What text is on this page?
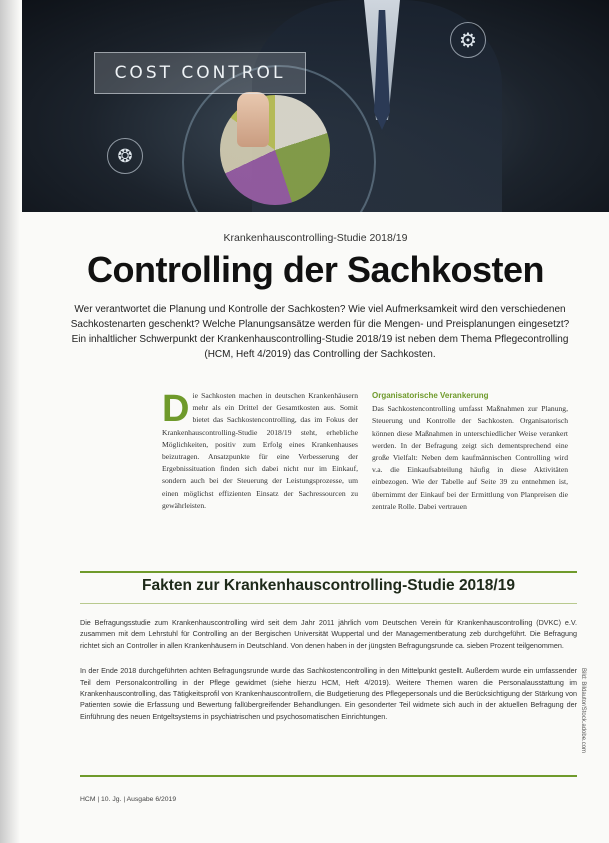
COST CONTROL
⚙
❂
Krankenhauscontrolling-Studie 2018/19
Controlling der Sachkosten
Wer verantwortet die Planung und Kontrolle der Sachkosten? Wie viel Aufmerksamkeit wird den verschiedenen Sachkostenarten geschenkt? Welche Planungsansätze werden für die Mengen- und Preisplanungen eingesetzt? Ein inhaltlicher Schwerpunkt der Krankenhauscontrolling-Studie 2018/19 ist neben dem Thema Pflegecontrolling (HCM, Heft 4/2019) das Controlling der Sachkosten.
D ie Sachkosten machen in deutschen Krankenhäusern mehr als ein Drittel der Gesamtkosten aus. Somit bietet das Sachkostencontrolling, das im Fokus der Krankenhauscontrolling-Studie 2018/19 steht, erhebliche Möglichkeiten, positiv zum Erfolg eines Krankenhauses beizutragen. Ansatzpunkte für eine Verbesserung der Ergebnissituation finden sich dabei nicht nur im Einkauf, sondern auch bei der Steuerung der Leistungsprozesse, um einen möglichst effizienten Einsatz der Sachressourcen zu gewährleisten.
Organisatorische Verankerung
Das Sachkostencontrolling umfasst Maßnahmen zur Planung, Steuerung und Kontrolle der Sachkosten. Organisatorisch können diese Maßnahmen in unterschiedlicher Weise verankert werden. In der Befragung zeigt sich dementsprechend eine große Vielfalt: Neben dem kaufmännischen Controlling wird v.a. die Einkaufsabteilung häufig in diese Aktivitäten einbezogen. Wie der Tabelle auf Seite 39 zu entnehmen ist, übernimmt der Einkauf bei der Ermittlung von Planpreisen die zentrale Rolle. Dabei vertrauen
Fakten zur Krankenhauscontrolling-Studie 2018/19

Die Befragungsstudie zum Krankenhauscontrolling wird seit dem Jahr 2011 jährlich vom Deutschen Verein für Krankenhauscontrolling (DVKC) e.V. zusammen mit dem Lehrstuhl für Controlling an der Bergischen Universität Wuppertal und der Managementberatung zeb durchgeführt. Die Befragung richtet sich an Controller in allen Krankenhäusern in Deutschland. Von denen haben in der jüngsten Befragungsrunde ca. sieben Prozent teilgenommen.

In der Ende 2018 durchgeführten achten Befragungsrunde wurde das Sachkostencontrolling in den Mittelpunkt gestellt. Außerdem wurde ein umfassender Teil dem Personalcontrolling in der Pflege gewidmet (siehe hierzu HCM, Heft 4/2019). Weitere Themen waren die Personalausstattung im Krankenhauscontrolling, das Tätigkeitsprofil von Krankenhauscontrollern, die Budgetierung des Pflegepersonals und die Berücksichtigung der Stärkung von Patienten sowie die Erfassung und Bewertung fallübergreifender Behandlungen. Ein gesonderter Teil widmete sich auch in der aktuellen Befragung der Einführung des neuen Entgeltsystems in psychiatrischen und psychosomatischen Einrichtungen.

HCM | 10. Jg. | Ausgabe 6/2019
Bild: Bildautor/Stock.adobe.com
